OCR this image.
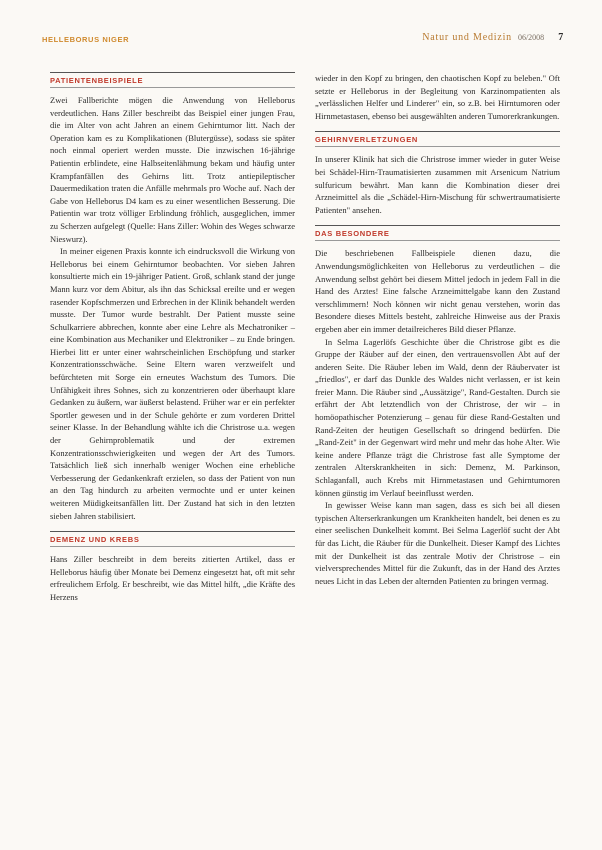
HELLEBORUS NIGER	Natur und Medizin 06/2008 7
PATIENTENBEISPIELE

Zwei Fallberichte mögen die Anwendung von Helleborus verdeutlichen. Hans Ziller beschreibt das Beispiel einer jungen Frau, die im Alter von acht Jahren an einem Gehirntumor litt. Nach der Operation kam es zu Komplikationen (Blutergüsse), sodass sie später noch einmal operiert werden musste. Die inzwischen 16-jährige Patientin erblindete, eine Halbseitenlähmung bekam und häufig unter Krampfanfällen des Gehirns litt. Trotz antiepileptischer Dauermedikation traten die Anfälle mehrmals pro Woche auf. Nach der Gabe von Helleborus D4 kam es zu einer wesentlichen Besserung. Die Patientin war trotz völliger Erblindung fröhlich, ausgeglichen, immer zu Scherzen aufgelegt (Quelle: Hans Ziller: Wohin des Weges schwarze Nieswurz).

In meiner eigenen Praxis konnte ich eindrucksvoll die Wirkung von Helleborus bei einem Gehirntumor beobachten. Vor sieben Jahren konsultierte mich ein 19-jähriger Patient. Groß, schlank stand der junge Mann kurz vor dem Abitur, als ihn das Schicksal ereilte und er wegen rasender Kopfschmerzen und Erbrechen in der Klinik behandelt werden musste. Der Tumor wurde bestrahlt. Der Patient musste seine Schulkarriere abbrechen, konnte aber eine Lehre als Mechatroniker – eine Kombination aus Mechaniker und Elektroniker – zu Ende bringen. Hierbei litt er unter einer wahrscheinlichen Erschöpfung und starker Konzentrationsschwäche. Seine Eltern waren verzweifelt und befürchteten mit Sorge ein erneutes Wachstum des Tumors. Die Unfähigkeit ihres Sohnes, sich zu konzentrieren oder überhaupt klare Gedanken zu äußern, war äußerst belastend. Früher war er ein perfekter Sportler gewesen und in der Schule gehörte er zum vorderen Drittel seiner Klasse. In der Behandlung wählte ich die Christrose u.a. wegen der Gehirnproblematik und der extremen Konzentrationsschwierigkeiten und wegen der Art des Tumors. Tatsächlich ließ sich innerhalb weniger Wochen eine erhebliche Verbesserung der Gedankenkraft erzielen, so dass der Patient von nun an den Tag hindurch zu arbeiten vermochte und er unter keinen weiteren Müdigkeitsanfällen litt. Der Zustand hat sich in den letzten sieben Jahren stabilisiert.

DEMENZ UND KREBS

Hans Ziller beschreibt in dem bereits zitierten Artikel, dass er Helleborus häufig über Monate bei Demenz eingesetzt hat, oft mit sehr erfreulichem Erfolg. Er beschreibt, wie das Mittel hilft, „die Kräfte des Herzens

wieder in den Kopf zu bringen, den chaotischen Kopf zu beleben." Oft setzte er Helleborus in der Begleitung von Karzinompatienten als „verlässlichen Helfer und Linderer" ein, so z.B. bei Hirntumoren oder Hirnmetastasen, ebenso bei ausgewählten anderen Tumorerkrankungen.

GEHIRNVERLETZUNGEN

In unserer Klinik hat sich die Christrose immer wieder in guter Weise bei Schädel-Hirn-Traumatisierten zusammen mit Arsenicum Natrium sulfuricum bewährt. Man kann die Kombination dieser drei Arzneimittel als die „Schädel-Hirn-Mischung für schwertraumatisierte Patienten" ansehen.

DAS BESONDERE

Die beschriebenen Fallbeispiele dienen dazu, die Anwendungsmöglichkeiten von Helleborus zu verdeutlichen – die Anwendung selbst gehört bei diesem Mittel jedoch in jedem Fall in die Hand des Arztes! Eine falsche Arzneimittelgabe kann den Zustand verschlimmern! Noch können wir nicht genau verstehen, worin das Besondere dieses Mittels besteht, zahlreiche Hinweise aus der Praxis ergeben aber ein immer detailreicheres Bild dieser Pflanze.

In Selma Lagerlöfs Geschichte über die Christrose gibt es die Gruppe der Räuber auf der einen, den vertrauensvollen Abt auf der anderen Seite. Die Räuber leben im Wald, denn der Räubervater ist „friedlos", er darf das Dunkle des Waldes nicht verlassen, er ist kein freier Mann. Die Räuber sind „Aussätzige", Rand-Gestalten. Durch sie erfährt der Abt letztendlich von der Christrose, der wir – in homöopathischer Potenzierung – genau für diese Rand-Gestalten und Rand-Zeiten der heutigen Gesellschaft so dringend bedürfen. Die „Rand-Zeit" in der Gegenwart wird mehr und mehr das hohe Alter. Wie keine andere Pflanze trägt die Christrose fast alle Symptome der zentralen Alterskrankheiten in sich: Demenz, M. Parkinson, Schlaganfall, auch Krebs mit Hirnmetastasen und Gehirntumoren können günstig im Verlauf beeinflusst werden.

In gewisser Weise kann man sagen, dass es sich bei all diesen typischen Alterserkrankungen um Krankheiten handelt, bei denen es zu einer seelischen Dunkelheit kommt. Bei Selma Lagerlöf sucht der Abt für das Licht, die Räuber für die Dunkelheit. Dieser Kampf des Lichtes mit der Dunkelheit ist das zentrale Motiv der Christrose – ein vielversprechendes Mittel für die Zukunft, das in der Hand des Arztes neues Licht in das Leben der alternden Patienten zu bringen vermag.
